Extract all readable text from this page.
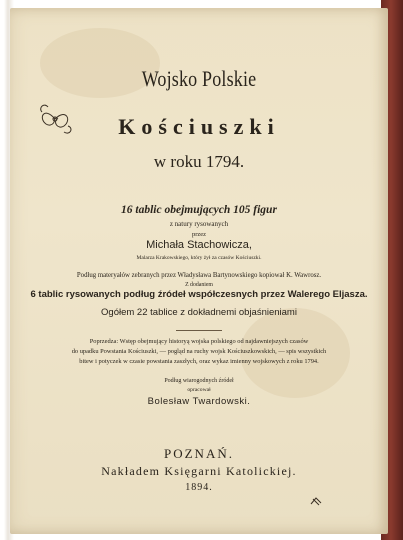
Wojsko Polskie
Kościuszki
w roku 1794.
16 tablic obejmujących 105 figur
z natury rysowanych
przez
Michała Stachowicza,
Malarza Krakowskiego, który żył za czasów Kościuszki.
Podług materyałów zebranych przez Władysława Bartynowskiego kopiował K. Wawrosz.
Z dodaniem
6 tablic rysowanych podług źródeł współczesnych przez Walerego Eljasza.
Ogółem 22 tablice z dokładnemi objaśnieniami
Poprzedza: Wstęp obejmujący historyą wojska polskiego od najdawniejszych czasów
do upadku Powstania Kościuszki, — pogląd na ruchy wojsk Kościuszkowskich, — spis wszystkich
bitew i potyczek w czasie powstania zaszłych, oraz wykaz imienny wojskowych z roku 1794.
Podług wiarogodnych źródeł
opracował
Bolesław Twardowski.
POZNAŃ.
Nakładem Księgarni Katolickiej.
1894.
